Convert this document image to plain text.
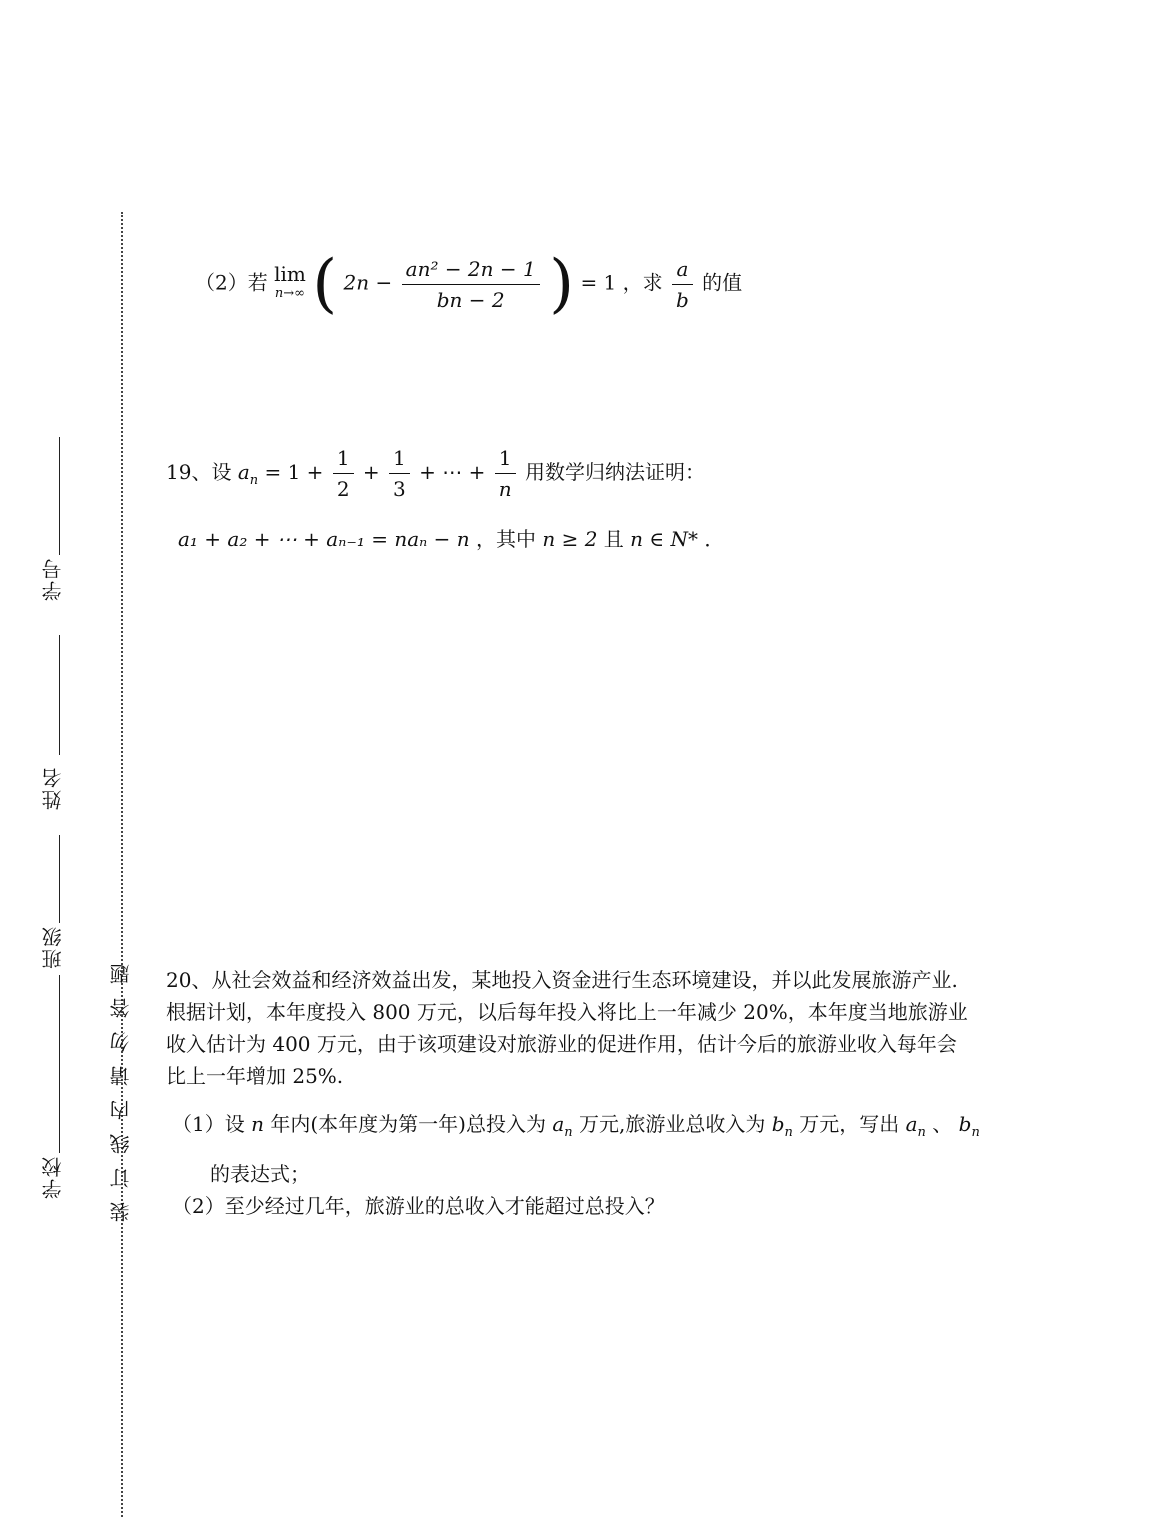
学校
班级
姓名
学号
装订线内请勿答题
（2）若 lim
n→∞ ( $2n - \frac{\text{an² − 2n − 1}}{bn - 2}$ ) = 1 ，求 $\frac{a}{b}$ 的值
19、设 $a_n = 1 + \frac{1}{2} + \frac{1}{3}$ + ⋯ + $\frac{1}{n}$ 用数学归纳法证明：
a₁ + a₂ + ⋯ + aₙ₋₁ = naₙ − n ，其中 n ≥ 2 且 n ∈ N* ．
20、从社会效益和经济效益出发，某地投入资金进行生态环境建设，并以此发展旅游产业.
根据计划，本年度投入 800 万元，以后每年投入将比上一年减少 20%，本年度当地旅游业
收入估计为 400 万元，由于该项建设对旅游业的促进作用，估计今后的旅游业收入每年会
比上一年增加 25%.
（1）设 n 年内(本年度为第一年)总投入为 $a_n$ 万元,旅游业总收入为 $b_n$ 万元，写出 $a_n$ 、 $b_n$
的表达式；
（2）至少经过几年，旅游业的总收入才能超过总投入？
